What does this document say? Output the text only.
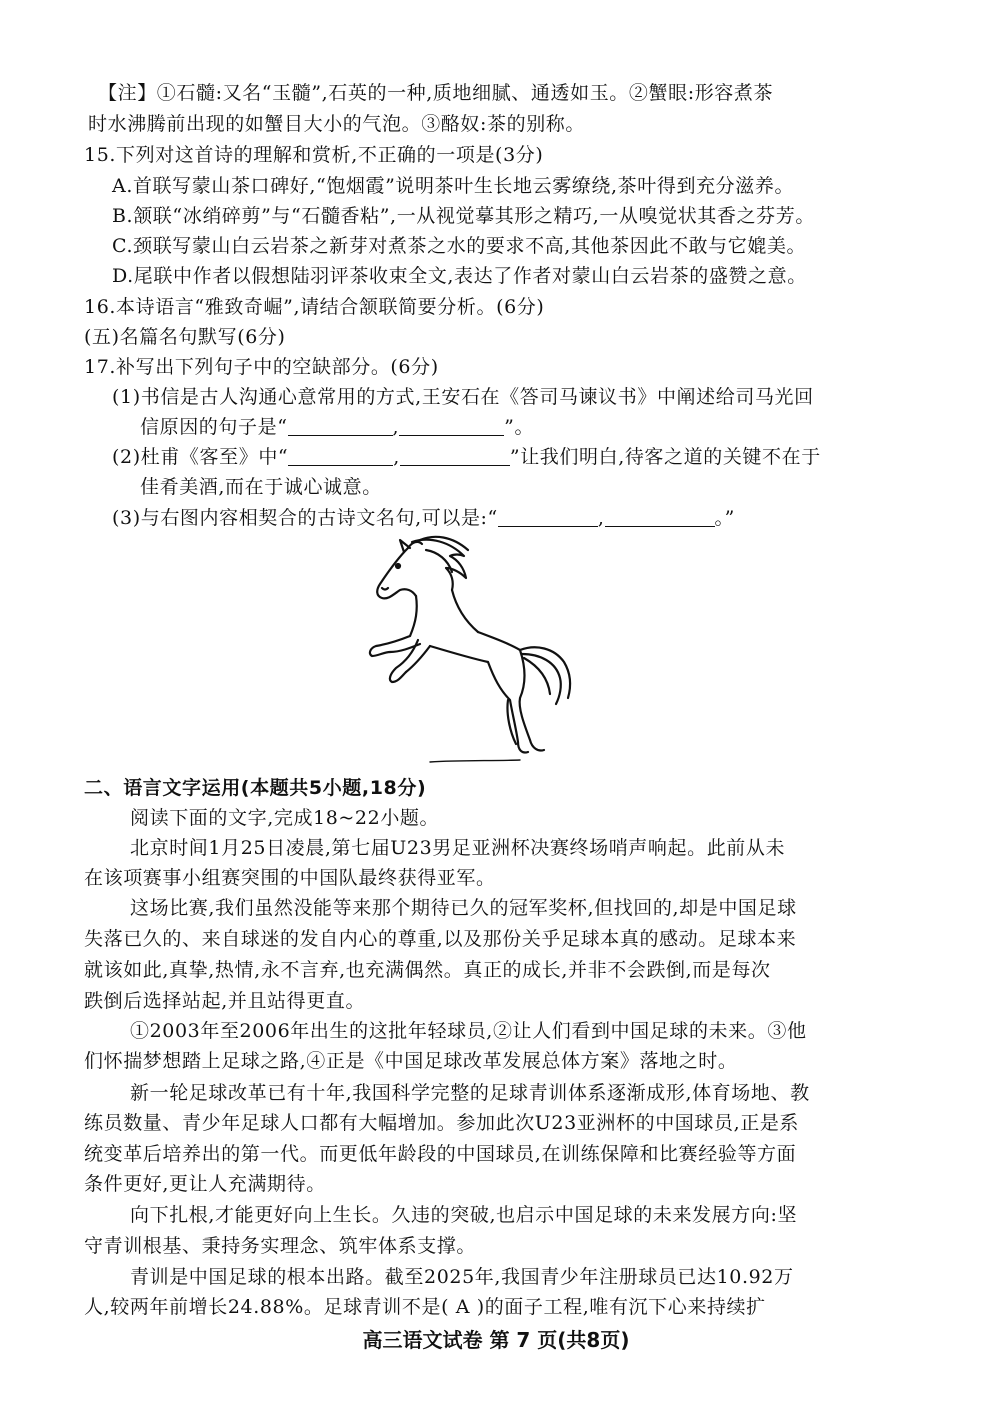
【注】①石髓:又名“玉髓”,石英的一种,质地细腻、通透如玉。②蟹眼:形容煮茶
时水沸腾前出现的如蟹目大小的气泡。③酪奴:茶的别称。
15.下列对这首诗的理解和赏析,不正确的一项是(3分)
A.首联写蒙山茶口碑好,“饱烟霞”说明茶叶生长地云雾缭绕,茶叶得到充分滋养。
B.颔联“冰绡碎剪”与“石髓香粘”,一从视觉摹其形之精巧,一从嗅觉状其香之芬芳。
C.颈联写蒙山白云岩茶之新芽对煮茶之水的要求不高,其他茶因此不敢与它媲美。
D.尾联中作者以假想陆羽评茶收束全文,表达了作者对蒙山白云岩茶的盛赞之意。
16.本诗语言“雅致奇崛”,请结合颔联简要分析。(6分)
(五)名篇名句默写(6分)
17.补写出下列句子中的空缺部分。(6分)
(1)书信是古人沟通心意常用的方式,王安石在《答司马谏议书》中阐述给司马光回
信原因的句子是“	,	”。
(2)杜甫《客至》中“	,	”让我们明白,待客之道的关键不在于
佳肴美酒,而在于诚心诚意。
(3)与右图内容相契合的古诗文名句,可以是:“	,	。”
二、语言文字运用(本题共5小题,18分)
阅读下面的文字,完成18~22小题。
北京时间1月25日凌晨,第七届U23男足亚洲杯决赛终场哨声响起。此前从未
在该项赛事小组赛突围的中国队最终获得亚军。
这场比赛,我们虽然没能等来那个期待已久的冠军奖杯,但找回的,却是中国足球
失落已久的、来自球迷的发自内心的尊重,以及那份关乎足球本真的感动。足球本来
就该如此,真挚,热情,永不言弃,也充满偶然。真正的成长,并非不会跌倒,而是每次
跌倒后选择站起,并且站得更直。
①2003年至2006年出生的这批年轻球员,②让人们看到中国足球的未来。③他
们怀揣梦想踏上足球之路,④正是《中国足球改革发展总体方案》落地之时。
新一轮足球改革已有十年,我国科学完整的足球青训体系逐渐成形,体育场地、教
练员数量、青少年足球人口都有大幅增加。参加此次U23亚洲杯的中国球员,正是系
统变革后培养出的第一代。而更低年龄段的中国球员,在训练保障和比赛经验等方面
条件更好,更让人充满期待。
向下扎根,才能更好向上生长。久违的突破,也启示中国足球的未来发展方向:坚
守青训根基、秉持务实理念、筑牢体系支撑。
青训是中国足球的根本出路。截至2025年,我国青少年注册球员已达10.92万
人,较两年前增长24.88%。足球青训不是( A )的面子工程,唯有沉下心来持续扩
高三语文试卷 第 7 页(共8页)
